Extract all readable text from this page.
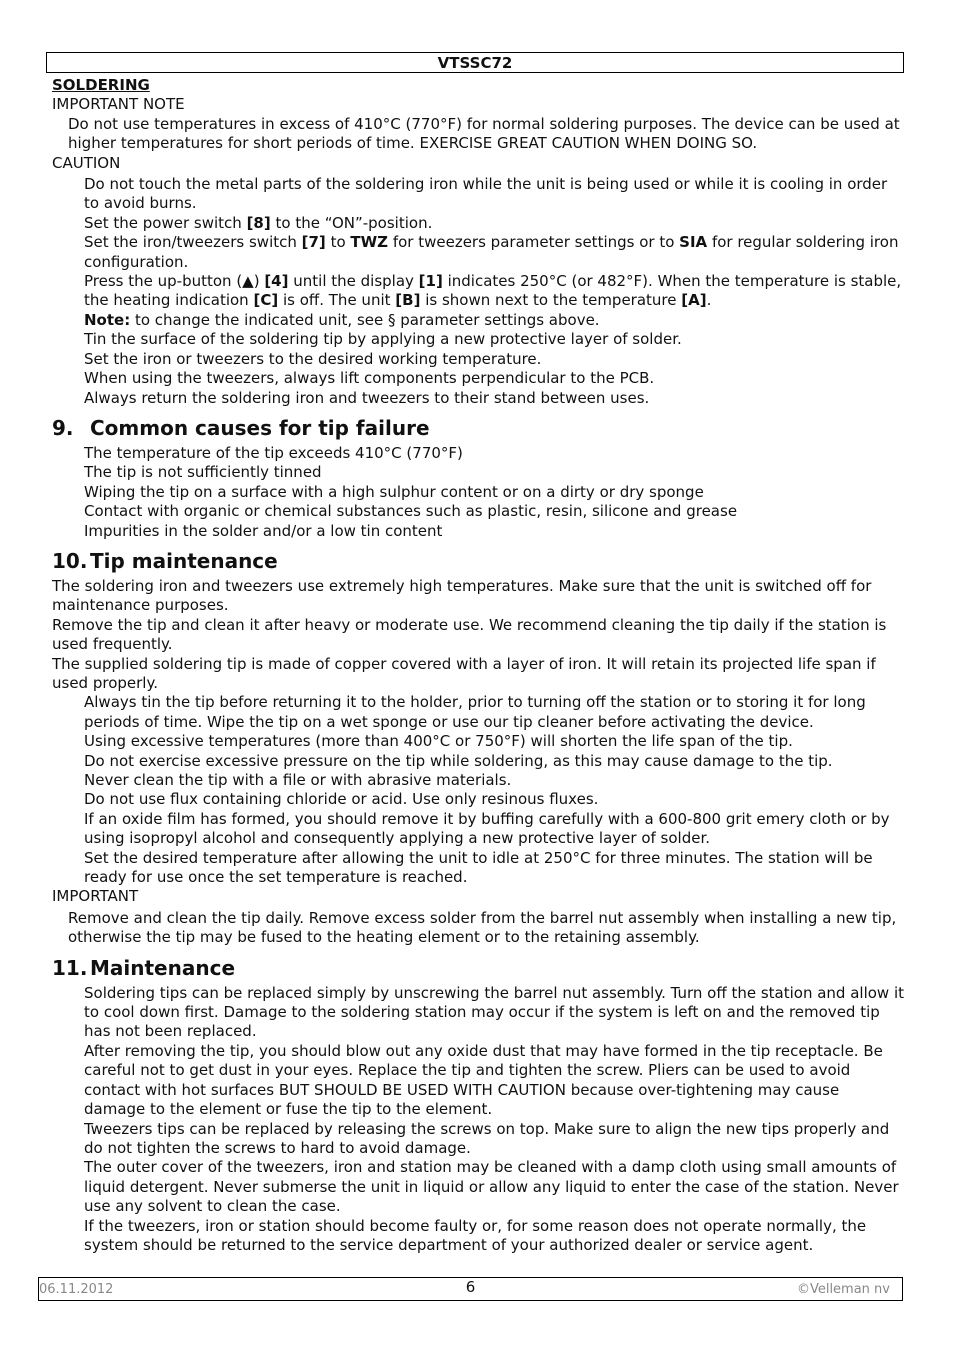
VTSSC72

SOLDERING

IMPORTANT NOTE

Do not use temperatures in excess of 410°C (770°F) for normal soldering purposes. The device can be used at higher temperatures for short periods of time. EXERCISE GREAT CAUTION WHEN DOING SO.

CAUTION

Do not touch the metal parts of the soldering iron while the unit is being used or while it is cooling in order to avoid burns.

Set the power switch [8] to the “ON”-position.

Set the iron/tweezers switch [7] to TWZ for tweezers parameter settings or to SIA for regular soldering iron configuration.

Press the up-button (▲) [4] until the display [1] indicates 250°C (or 482°F). When the temperature is stable, the heating indication [C] is off. The unit [B] is shown next to the temperature [A].

Note: to change the indicated unit, see § parameter settings above.

Tin the surface of the soldering tip by applying a new protective layer of solder.

Set the iron or tweezers to the desired working temperature.

When using the tweezers, always lift components perpendicular to the PCB.

Always return the soldering iron and tweezers to their stand between uses.

9. Common causes for tip failure

The temperature of the tip exceeds 410°C (770°F)

The tip is not sufficiently tinned

Wiping the tip on a surface with a high sulphur content or on a dirty or dry sponge

Contact with organic or chemical substances such as plastic, resin, silicone and grease

Impurities in the solder and/or a low tin content

10. Tip maintenance

The soldering iron and tweezers use extremely high temperatures. Make sure that the unit is switched off for maintenance purposes.

Remove the tip and clean it after heavy or moderate use. We recommend cleaning the tip daily if the station is used frequently.

The supplied soldering tip is made of copper covered with a layer of iron. It will retain its projected life span if used properly.

Always tin the tip before returning it to the holder, prior to turning off the station or to storing it for long periods of time. Wipe the tip on a wet sponge or use our tip cleaner before activating the device.

Using excessive temperatures (more than 400°C or 750°F) will shorten the life span of the tip.

Do not exercise excessive pressure on the tip while soldering, as this may cause damage to the tip.

Never clean the tip with a file or with abrasive materials.

Do not use flux containing chloride or acid. Use only resinous fluxes.

If an oxide film has formed, you should remove it by buffing carefully with a 600-800 grit emery cloth or by using isopropyl alcohol and consequently applying a new protective layer of solder.

Set the desired temperature after allowing the unit to idle at 250°C for three minutes. The station will be ready for use once the set temperature is reached.

IMPORTANT

Remove and clean the tip daily. Remove excess solder from the barrel nut assembly when installing a new tip, otherwise the tip may be fused to the heating element or to the retaining assembly.

11. Maintenance

Soldering tips can be replaced simply by unscrewing the barrel nut assembly. Turn off the station and allow it to cool down first. Damage to the soldering station may occur if the system is left on and the removed tip has not been replaced.

After removing the tip, you should blow out any oxide dust that may have formed in the tip receptacle. Be careful not to get dust in your eyes. Replace the tip and tighten the screw. Pliers can be used to avoid contact with hot surfaces BUT SHOULD BE USED WITH CAUTION because over-tightening may cause damage to the element or fuse the tip to the element.

Tweezers tips can be replaced by releasing the screws on top. Make sure to align the new tips properly and do not tighten the screws to hard to avoid damage.

The outer cover of the tweezers, iron and station may be cleaned with a damp cloth using small amounts of liquid detergent. Never submerse the unit in liquid or allow any liquid to enter the case of the station. Never use any solvent to clean the case.

If the tweezers, iron or station should become faulty or, for some reason does not operate normally, the system should be returned to the service department of your authorized dealer or service agent.

06.11.2012	6	©Velleman nv
